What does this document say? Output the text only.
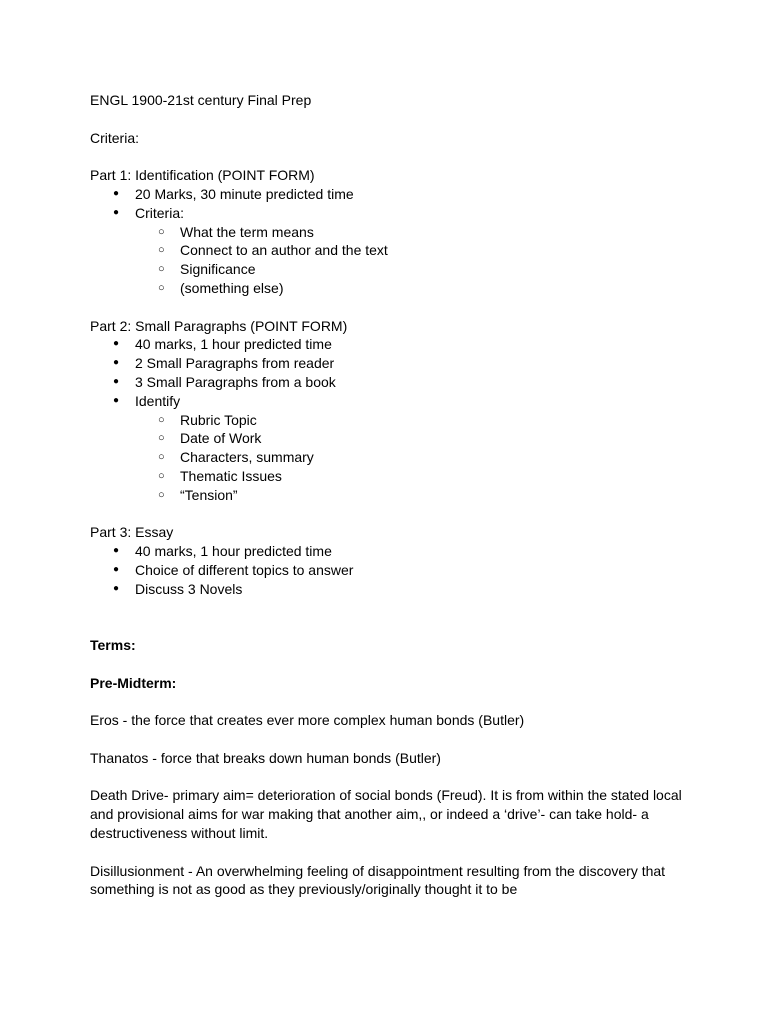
ENGL 1900-21st century Final Prep

Criteria:

Part 1: Identification (POINT FORM)

● 20 Marks, 30 minute predicted time
● Criteria:
○ What the term means
○ Connect to an author and the text
○ Significance
○ (something else)

Part 2: Small Paragraphs (POINT FORM)

● 40 marks, 1 hour predicted time
● 2 Small Paragraphs from reader
● 3 Small Paragraphs from a book
● Identify
○ Rubric Topic
○ Date of Work
○ Characters, summary
○ Thematic Issues
○ “Tension”

Part 3: Essay

● 40 marks, 1 hour predicted time
● Choice of different topics to answer
● Discuss 3 Novels

Terms:

Pre-Midterm:

Eros - the force that creates ever more complex human bonds (Butler)

Thanatos - force that breaks down human bonds (Butler)

Death Drive- primary aim= deterioration of social bonds (Freud). It is from within the stated local and provisional aims for war making that another aim,, or indeed a ‘drive’- can take hold- a destructiveness without limit.

Disillusionment - An overwhelming feeling of disappointment resulting from the discovery that something is not as good as they previously/originally thought it to be
